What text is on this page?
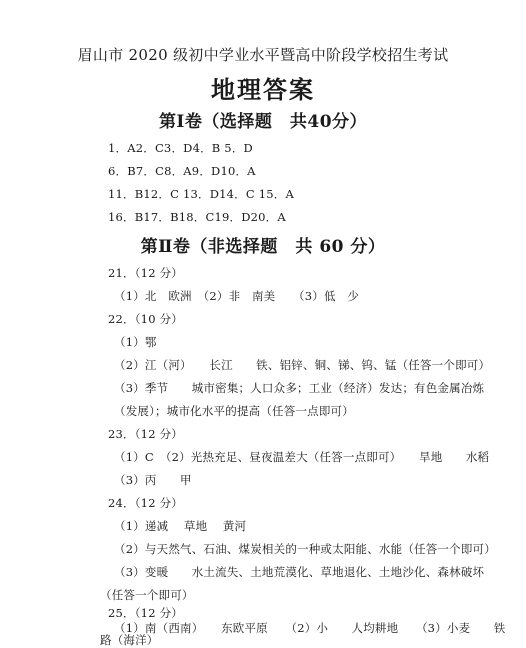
眉山市 2020 级初中学业水平暨高中阶段学校招生考试
地理答案
第Ⅰ卷（选择题　共40分）
1．A2．C3．D4．B 5．D
6．B7．C8．A9．D10．A
11．B12．C 13．D14．C 15．A
16．B17．B18．C19．D20．A
第Ⅱ卷（非选择题　共 60 分）
21．（12 分）
（1）北　欧洲　（2）非　南美　　（3）低　少
22．（10 分）
（1）鄂
（2）江（河）　　长江　　铁、铝锌、铜、锑、钨、锰（任答一个即可）
（3）季节　　城市密集；人口众多；工业（经济）发达；有色金属冶炼
（发展）；城市化水平的提高（任答一点即可）
23．（12 分）
（1）C　（2）光热充足、昼夜温差大（任答一点即可）　　旱地　　水稻
（3）丙　　甲
24．（12 分）
（1）递减　 草地　 黄河
（2）与天然气、石油、煤炭相关的一种或太阳能、水能（任答一个即可）
（3）变暖　　水土流失、土地荒漠化、草地退化、土地沙化、森林破坏
（任答一个即可）
25．（12 分）
（1）南（西南）　　东欧平原　　（2）小　　人均耕地　　（3）小麦　　铁
路（海洋）
